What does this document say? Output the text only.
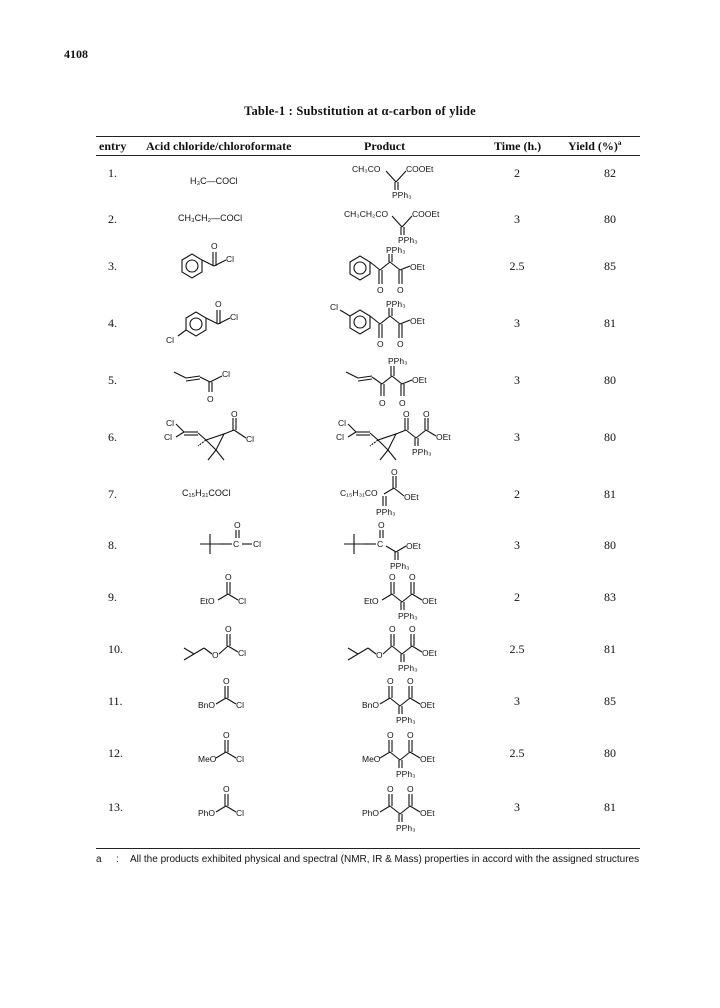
4108
Table-1 : Substitution at α-carbon of ylide
entry Acid chloride/chloroformate	Product	Time (h.) Yield (%)ª
1.	2	82
H₃C—COCl
CH₃CO	COOEt
PPh₃
2.	3	80
CH₃CH₂—COCl	CH₃CH₂CO	COOEt
PPh₃
3.	2.5	85
O
Cl
PPh₃
OEt
O O
4.	3	81
Cl
O
Cl
Cl	PPh₃
OEt
O O
5.	3	80
O
Cl
PPh₃
OEt
O O
6.	3	80
Cl
Cl
O
Cl
Cl
Cl
O O
OEt
PPh₃
7.	2	81
C₁₅H₃₁COCl
O
C₁₅H₃₁CO
PPh₃
OEt
8.	3	80
C
O
Cl	C
O
PPh₃
OEt
9.	2	83
EtO
O
Cl	EtO
O O
OEt
PPh₃
10.	2.5	81
O
O
Cl	O
O O
OEt
PPh₃
11.	3	85
BnO
O
Cl	BnO
O O
OEt
PPh₃
12.	2.5	80
MeO
O
Cl	MeO
O O
OEt
PPh₃
13.	3	81
PhO
O
Cl	PhO
O O
OEt
PPh₃
a : All the products exhibited physical and spectral (NMR, IR & Mass) properties in accord with the assigned structures
